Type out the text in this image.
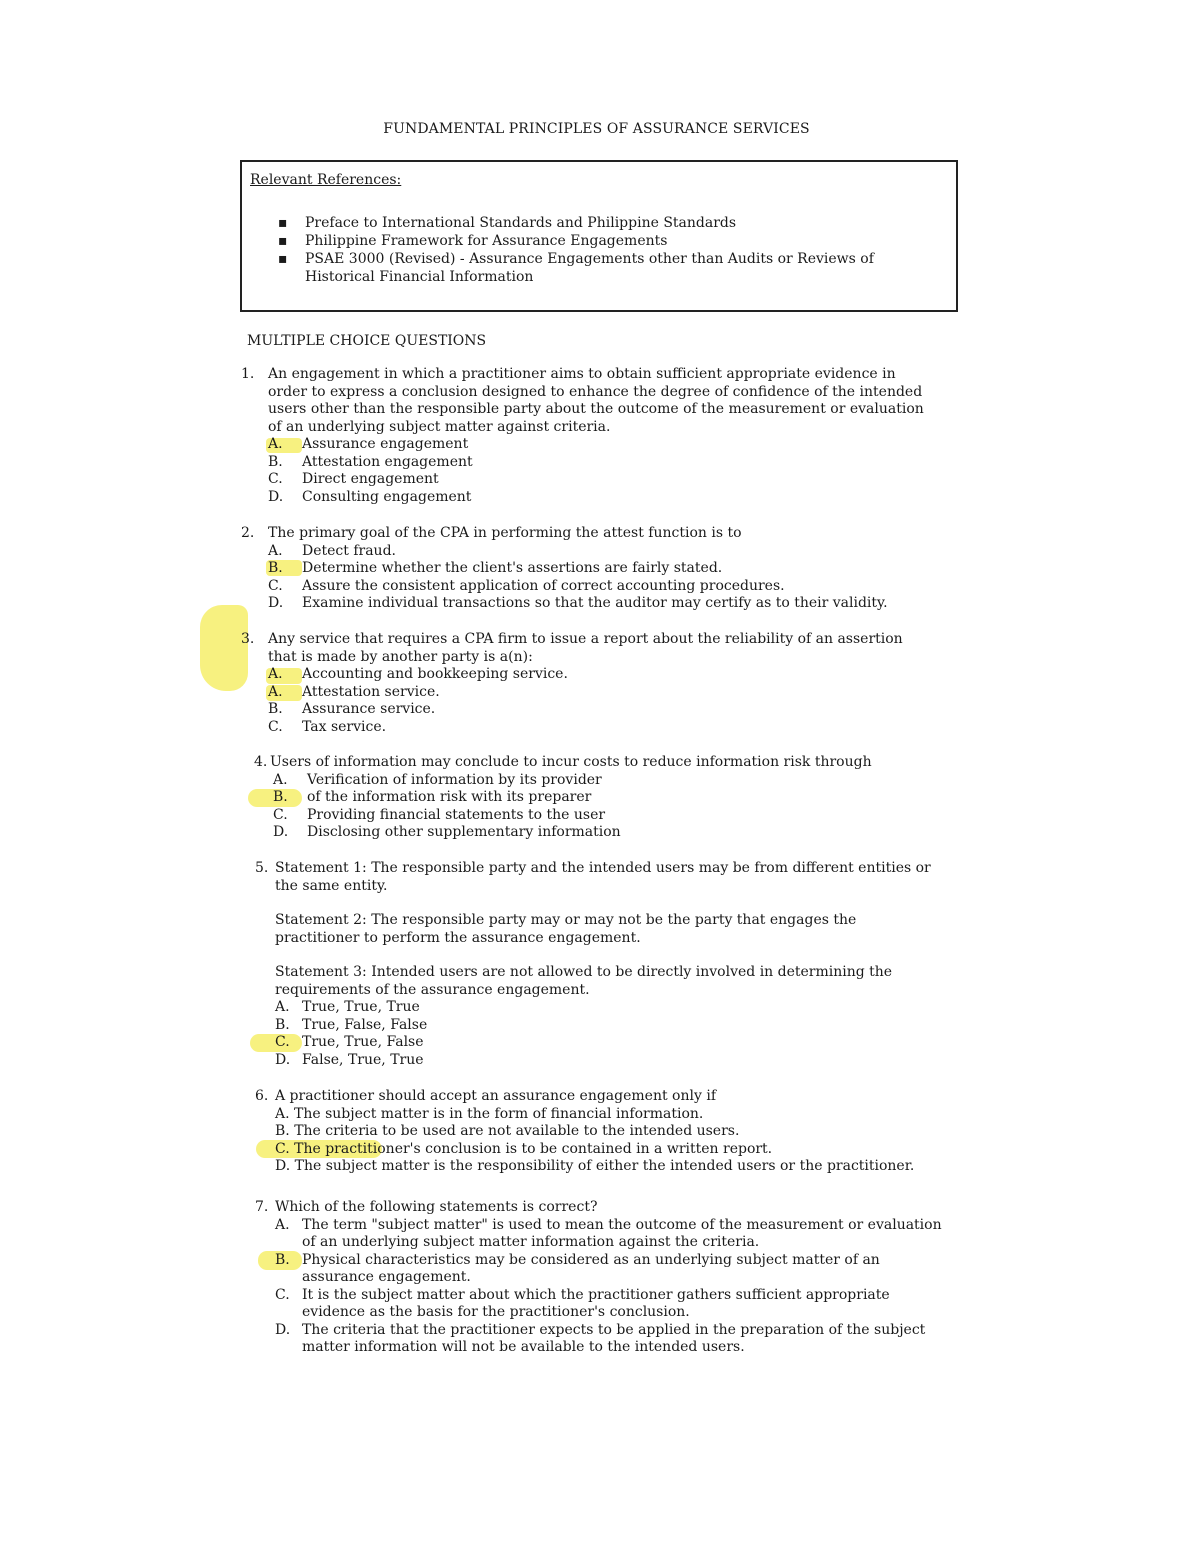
FUNDAMENTAL PRINCIPLES OF ASSURANCE SERVICES
Relevant References:
▪ Preface to International Standards and Philippine Standards
▪ Philippine Framework for Assurance Engagements
▪ PSAE 3000 (Revised) - Assurance Engagements other than Audits or Reviews of Historical Financial Information
MULTIPLE CHOICE QUESTIONS
1. An engagement in which a practitioner aims to obtain sufficient appropriate evidence in order to express a conclusion designed to enhance the degree of confidence of the intended users other than the responsible party about the outcome of the measurement or evaluation of an underlying subject matter against criteria.
A. Assurance engagement
B. Attestation engagement
C. Direct engagement
D. Consulting engagement
2. The primary goal of the CPA in performing the attest function is to
A. Detect fraud.
B. Determine whether the client's assertions are fairly stated.
C. Assure the consistent application of correct accounting procedures.
D. Examine individual transactions so that the auditor may certify as to their validity.
3. Any service that requires a CPA firm to issue a report about the reliability of an assertion that is made by another party is a(n):
A. Accounting and bookkeeping service.
A. Attestation service.
B. Assurance service.
C. Tax service.
4. Users of information may conclude to incur costs to reduce information risk through
A. Verification of information by its provider
B. of the information risk with its preparer
C. Providing financial statements to the user
D. Disclosing other supplementary information
5. Statement 1: The responsible party and the intended users may be from different entities or the same entity.
Statement 2: The responsible party may or may not be the party that engages the practitioner to perform the assurance engagement.
Statement 3: Intended users are not allowed to be directly involved in determining the requirements of the assurance engagement.
A. True, True, True
B. True, False, False
C. True, True, False
D. False, True, True
6. A practitioner should accept an assurance engagement only if
A. The subject matter is in the form of financial information.
B. The criteria to be used are not available to the intended users.
C. The practitioner's conclusion is to be contained in a written report.
D. The subject matter is the responsibility of either the intended users or the practitioner.
7. Which of the following statements is correct?
A. The term "subject matter" is used to mean the outcome of the measurement or evaluation of an underlying subject matter information against the criteria.
B. Physical characteristics may be considered as an underlying subject matter of an assurance engagement.
C. It is the subject matter about which the practitioner gathers sufficient appropriate evidence as the basis for the practitioner's conclusion.
D. The criteria that the practitioner expects to be applied in the preparation of the subject matter information will not be available to the intended users.
